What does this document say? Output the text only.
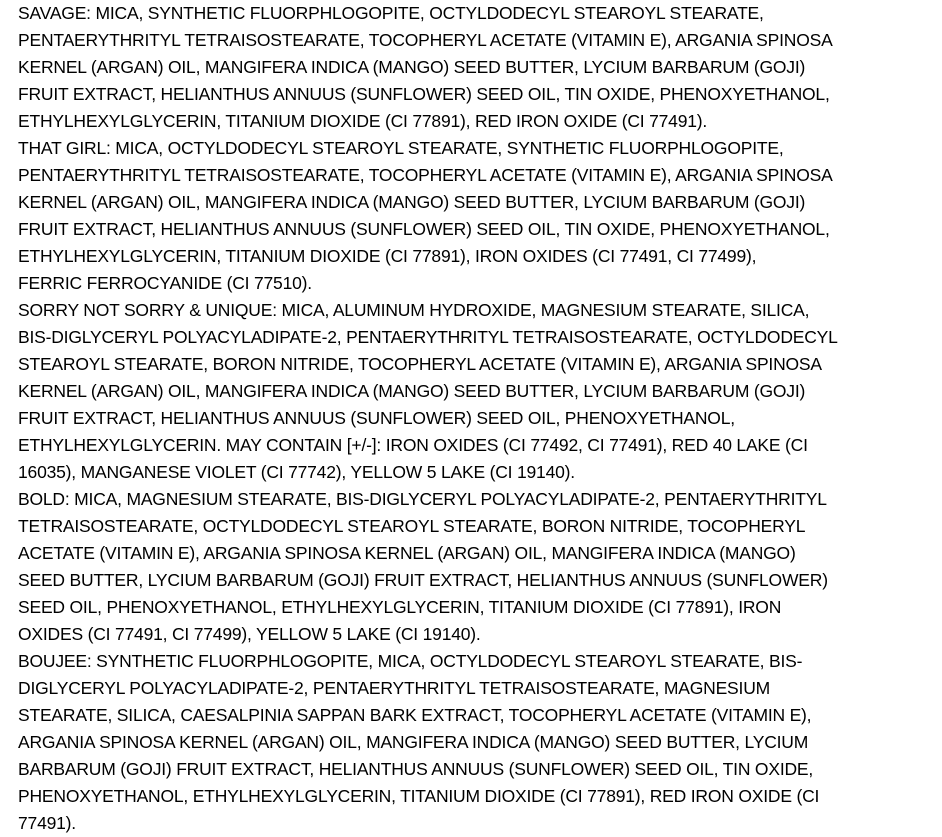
SAVAGE: MICA, SYNTHETIC FLUORPHLOGOPITE, OCTYLDODECYL STEAROYL STEARATE,
PENTAERYTHRITYL TETRAISOSTEARATE, TOCOPHERYL ACETATE (VITAMIN E), ARGANIA SPINOSA
KERNEL (ARGAN) OIL, MANGIFERA INDICA (MANGO) SEED BUTTER, LYCIUM BARBARUM (GOJI)
FRUIT EXTRACT, HELIANTHUS ANNUUS (SUNFLOWER) SEED OIL, TIN OXIDE, PHENOXYETHANOL,
ETHYLHEXYLGLYCERIN, TITANIUM DIOXIDE (CI 77891), RED IRON OXIDE (CI 77491).
THAT GIRL: MICA, OCTYLDODECYL STEAROYL STEARATE, SYNTHETIC FLUORPHLOGOPITE,
PENTAERYTHRITYL TETRAISOSTEARATE, TOCOPHERYL ACETATE (VITAMIN E), ARGANIA SPINOSA
KERNEL (ARGAN) OIL, MANGIFERA INDICA (MANGO) SEED BUTTER, LYCIUM BARBARUM (GOJI)
FRUIT EXTRACT, HELIANTHUS ANNUUS (SUNFLOWER) SEED OIL, TIN OXIDE, PHENOXYETHANOL,
ETHYLHEXYLGLYCERIN, TITANIUM DIOXIDE (CI 77891), IRON OXIDES (CI 77491, CI 77499),
FERRIC FERROCYANIDE (CI 77510).
SORRY NOT SORRY & UNIQUE: MICA, ALUMINUM HYDROXIDE, MAGNESIUM STEARATE, SILICA,
BIS-DIGLYCERYL POLYACYLADIPATE-2, PENTAERYTHRITYL TETRAISOSTEARATE, OCTYLDODECYL
STEAROYL STEARATE, BORON NITRIDE, TOCOPHERYL ACETATE (VITAMIN E), ARGANIA SPINOSA
KERNEL (ARGAN) OIL, MANGIFERA INDICA (MANGO) SEED BUTTER, LYCIUM BARBARUM (GOJI)
FRUIT EXTRACT, HELIANTHUS ANNUUS (SUNFLOWER) SEED OIL, PHENOXYETHANOL,
ETHYLHEXYLGLYCERIN. MAY CONTAIN [+/-]: IRON OXIDES (CI 77492, CI 77491), RED 40 LAKE (CI
16035), MANGANESE VIOLET (CI 77742), YELLOW 5 LAKE (CI 19140).
BOLD: MICA, MAGNESIUM STEARATE, BIS-DIGLYCERYL POLYACYLADIPATE-2, PENTAERYTHRITYL
TETRAISOSTEARATE, OCTYLDODECYL STEAROYL STEARATE, BORON NITRIDE, TOCOPHERYL
ACETATE (VITAMIN E), ARGANIA SPINOSA KERNEL (ARGAN) OIL, MANGIFERA INDICA (MANGO)
SEED BUTTER, LYCIUM BARBARUM (GOJI) FRUIT EXTRACT, HELIANTHUS ANNUUS (SUNFLOWER)
SEED OIL, PHENOXYETHANOL, ETHYLHEXYLGLYCERIN, TITANIUM DIOXIDE (CI 77891), IRON
OXIDES (CI 77491, CI 77499), YELLOW 5 LAKE (CI 19140).
BOUJEE: SYNTHETIC FLUORPHLOGOPITE, MICA, OCTYLDODECYL STEAROYL STEARATE, BIS-
DIGLYCERYL POLYACYLADIPATE-2, PENTAERYTHRITYL TETRAISOSTEARATE, MAGNESIUM
STEARATE, SILICA, CAESALPINIA SAPPAN BARK EXTRACT, TOCOPHERYL ACETATE (VITAMIN E),
ARGANIA SPINOSA KERNEL (ARGAN) OIL, MANGIFERA INDICA (MANGO) SEED BUTTER, LYCIUM
BARBARUM (GOJI) FRUIT EXTRACT, HELIANTHUS ANNUUS (SUNFLOWER) SEED OIL, TIN OXIDE,
PHENOXYETHANOL, ETHYLHEXYLGLYCERIN, TITANIUM DIOXIDE (CI 77891), RED IRON OXIDE (CI
77491).
